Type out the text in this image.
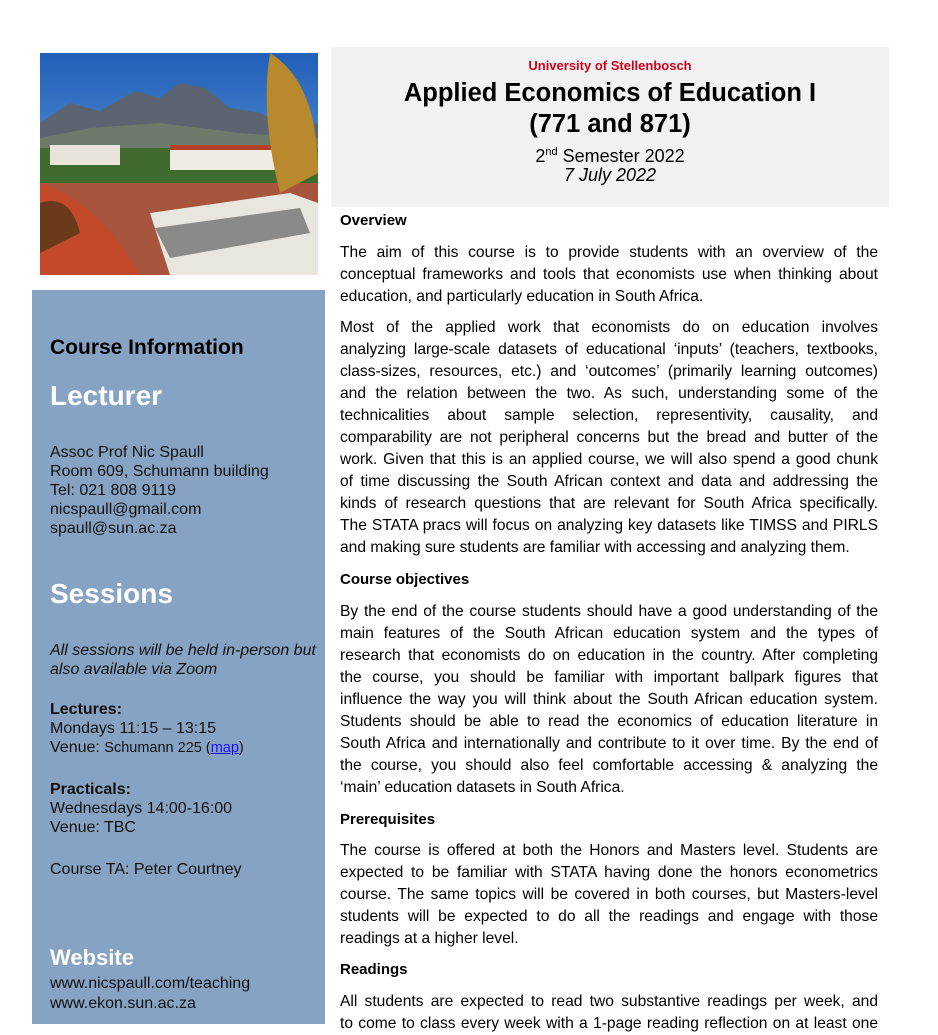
Course Information
Lecturer
Assoc Prof Nic Spaull
Room 609, Schumann building
Tel: 021 808 9119
nicspaull@gmail.com
spaull@sun.ac.za
Sessions
All sessions will be held in-person but
also available via Zoom
Lectures:
Mondays 11:15 – 13:15
Venue: Schumann 225 (map)
Practicals:
Wednesdays 14:00-16:00
Venue: TBC
Course TA: Peter Courtney
Website
www.nicspaull.com/teaching
www.ekon.sun.ac.za
University of Stellenbosch
Applied Economics of Education I
(771 and 871)
2nd Semester 2022
7 July 2022
Overview
The aim of this course is to provide students with an overview of the
conceptual frameworks and tools that economists use when thinking about
education, and particularly education in South Africa.
Most of the applied work that economists do on education involves
analyzing large-scale datasets of educational ‘inputs’ (teachers, textbooks,
class-sizes, resources, etc.) and ‘outcomes’ (primarily learning outcomes)
and the relation between the two. As such, understanding some of the
technicalities about sample selection, representivity, causality, and
comparability are not peripheral concerns but the bread and butter of the
work. Given that this is an applied course, we will also spend a good chunk
of time discussing the South African context and data and addressing the
kinds of research questions that are relevant for South Africa specifically.
The STATA pracs will focus on analyzing key datasets like TIMSS and PIRLS
and making sure students are familiar with accessing and analyzing them.
Course objectives
By the end of the course students should have a good understanding of the
main features of the South African education system and the types of
research that economists do on education in the country. After completing
the course, you should be familiar with important ballpark figures that
influence the way you will think about the South African education system.
Students should be able to read the economics of education literature in
South Africa and internationally and contribute to it over time. By the end of
the course, you should also feel comfortable accessing & analyzing the
‘main’ education datasets in South Africa.
Prerequisites
The course is offered at both the Honors and Masters level. Students are
expected to be familiar with STATA having done the honors econometrics
course. The same topics will be covered in both courses, but Masters-level
students will be expected to do all the readings and engage with those
readings at a higher level.
Readings
All students are expected to read two substantive readings per week, and
to come to class every week with a 1-page reading reflection on at least one
